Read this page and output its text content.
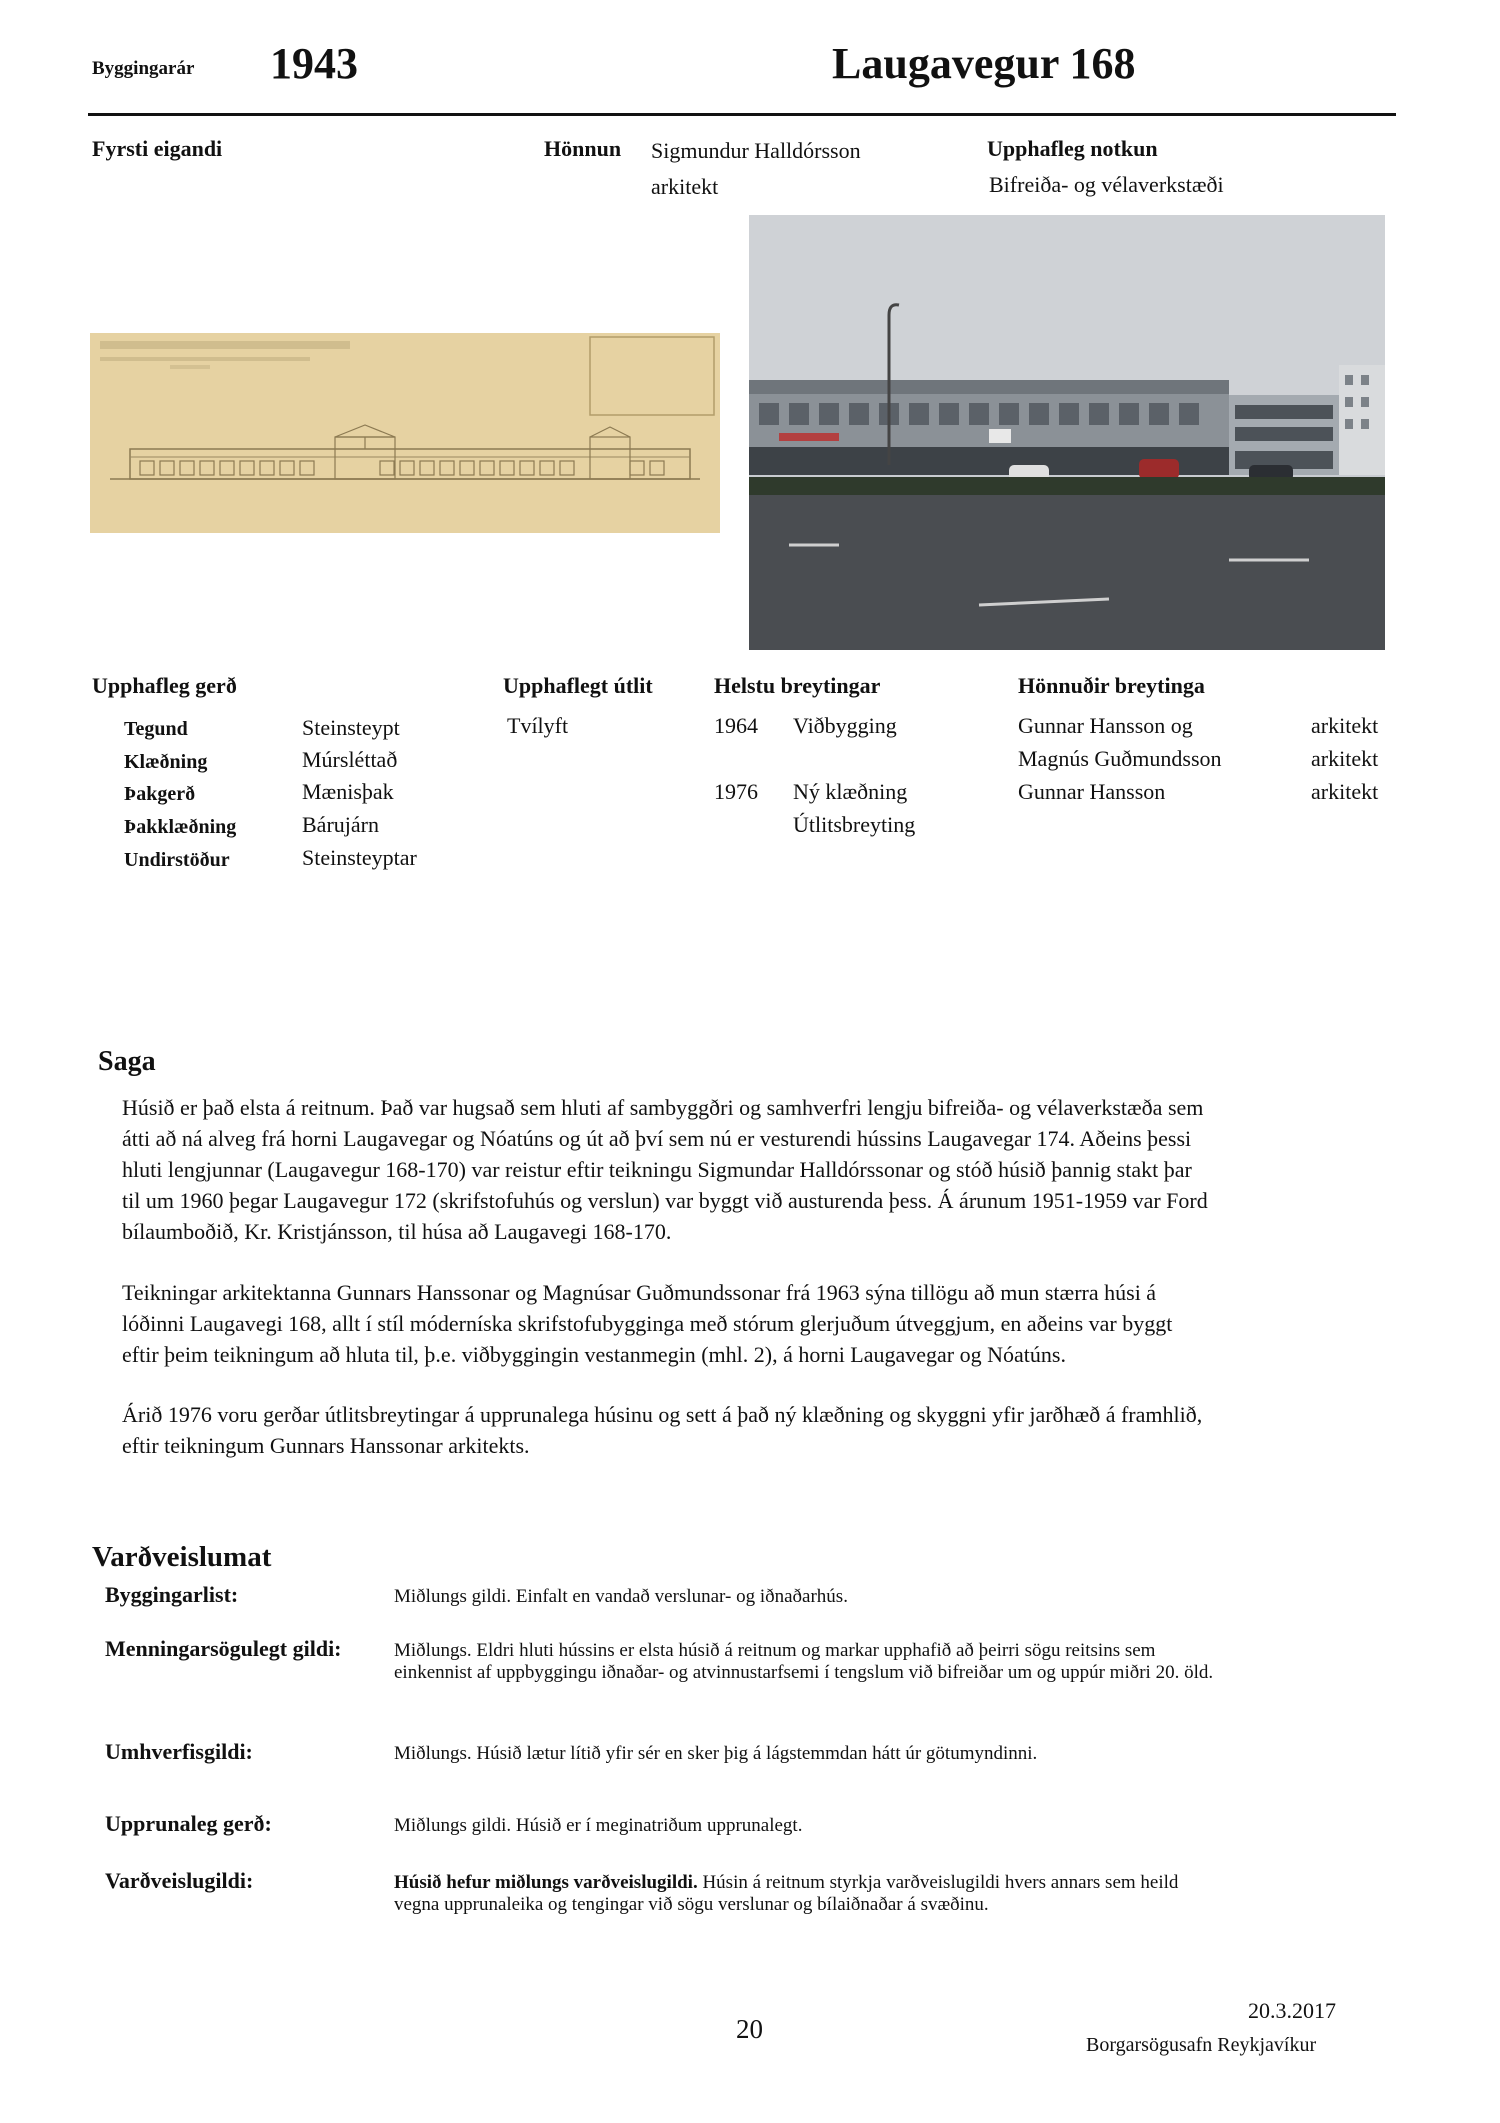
Byggingarár 1943	Laugavegur 168
Fyrsti eigandi	Hönnun Sigmundur Halldórsson
arkitekt
Upphafleg notkun
Bifreiða- og vélaverkstæði
Upphafleg gerð
Tegund	Steinsteypt
Klæðning	Múrsléttað
Þakgerð	Mænisþak
Þakklæðning	Bárujárn
Undirstöður	Steinsteyptar
Upphaflegt útlit
Tvílyft
Helstu breytingar
1964 Viðbygging
1976 Ný klæðning
Útlitsbreyting
Hönnuðir breytinga
Gunnar Hansson og	arkitekt
Magnús Guðmundsson	arkitekt
Gunnar Hansson	arkitekt
Saga
Húsið er það elsta á reitnum. Það var hugsað sem hluti af sambyggðri og samhverfri lengju bifreiða- og vélaverkstæða sem
átti að ná alveg frá horni Laugavegar og Nóatúns og út að því sem nú er vesturendi hússins Laugavegar 174. Aðeins þessi
hluti lengjunnar (Laugavegur 168-170) var reistur eftir teikningu Sigmundar Halldórssonar og stóð húsið þannig stakt þar
til um 1960 þegar Laugavegur 172 (skrifstofuhús og verslun) var byggt við austurenda þess. Á árunum 1951-1959 var Ford
bílaumboðið, Kr. Kristjánsson, til húsa að Laugavegi 168-170.
Teikningar arkitektanna Gunnars Hanssonar og Magnúsar Guðmundssonar frá 1963 sýna tillögu að mun stærra húsi á
lóðinni Laugavegi 168, allt í stíl móderníska skrifstofubygginga með stórum glerjuðum útveggjum, en aðeins var byggt
eftir þeim teikningum að hluta til, þ.e. viðbyggingin vestanmegin (mhl. 2), á horni Laugavegar og Nóatúns.
Árið 1976 voru gerðar útlitsbreytingar á upprunalega húsinu og sett á það ný klæðning og skyggni yfir jarðhæð á framhlið,
eftir teikningum Gunnars Hanssonar arkitekts.
Varðveislumat
Byggingarlist:	Miðlungs gildi. Einfalt en vandað verslunar- og iðnaðarhús.
Menningarsögulegt gildi:	Miðlungs. Eldri hluti hússins er elsta húsið á reitnum og markar upphafið að þeirri sögu reitsins sem
einkennist af uppbyggingu iðnaðar- og atvinnustarfsemi í tengslum við bifreiðar um og uppúr miðri 20. öld.
Umhverfisgildi:	Miðlungs. Húsið lætur lítið yfir sér en sker þig á lágstemmdan hátt úr götumyndinni.
Upprunaleg gerð:	Miðlungs gildi. Húsið er í meginatriðum upprunalegt.
Varðveislugildi:	Húsið hefur miðlungs varðveislugildi. Húsin á reitnum styrkja varðveislugildi hvers annars sem heild
vegna upprunaleika og tengingar við sögu verslunar og bílaiðnaðar á svæðinu.
20
20.3.2017
Borgarsögusafn Reykjavíkur
